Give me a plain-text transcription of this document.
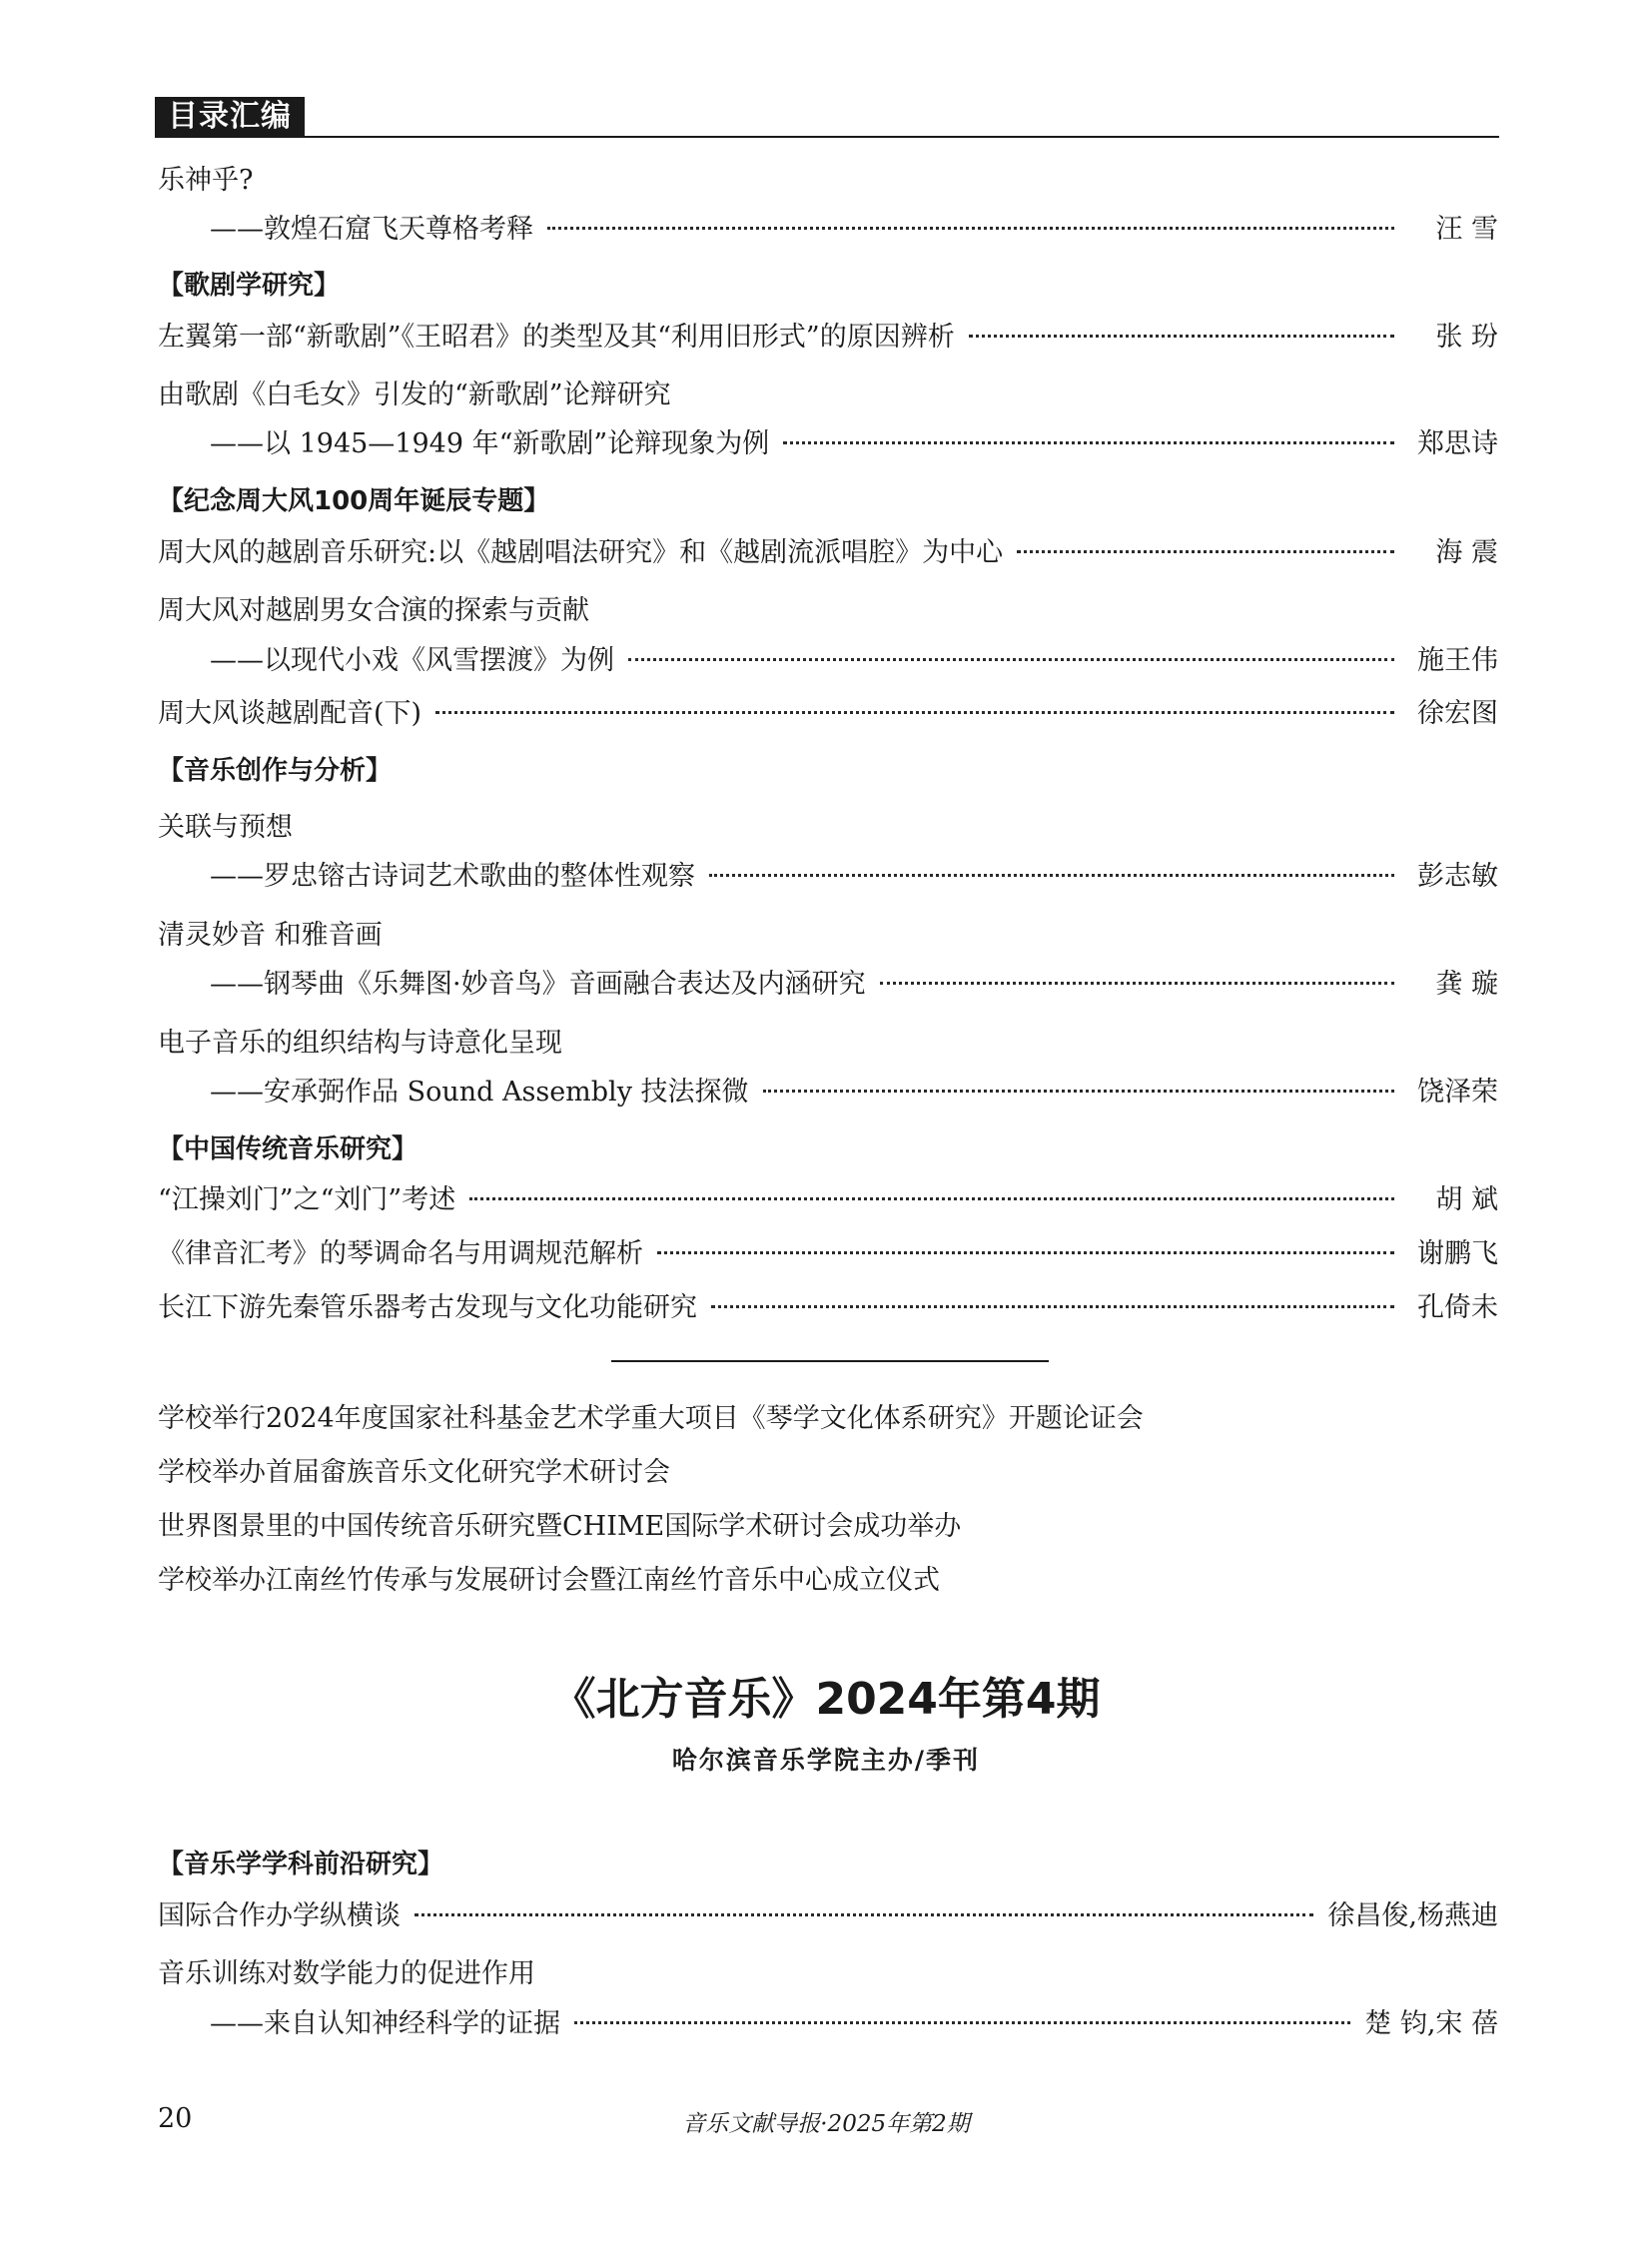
目录汇编
乐神乎?
——敦煌石窟飞天尊格考释	汪 雪
【歌剧学研究】
左翼第一部“新歌剧”《王昭君》的类型及其“利用旧形式”的原因辨析	张 玢
由歌剧《白毛女》引发的“新歌剧”论辩研究
——以 1945—1949 年“新歌剧”论辩现象为例	郑思诗
【纪念周大风100周年诞辰专题】
周大风的越剧音乐研究:以《越剧唱法研究》和《越剧流派唱腔》为中心	海 震
周大风对越剧男女合演的探索与贡献
——以现代小戏《风雪摆渡》为例	施王伟
周大风谈越剧配音(下)	徐宏图
【音乐创作与分析】
关联与预想
——罗忠镕古诗词艺术歌曲的整体性观察	彭志敏
清灵妙音 和雅音画
——钢琴曲《乐舞图·妙音鸟》音画融合表达及内涵研究	龚 璇
电子音乐的组织结构与诗意化呈现
——安承弼作品 Sound Assembly 技法探微	饶泽荣
【中国传统音乐研究】
“江操刘门”之“刘门”考述	胡 斌
《律音汇考》的琴调命名与用调规范解析	谢鹏飞
长江下游先秦管乐器考古发现与文化功能研究	孔倚未
学校举行2024年度国家社科基金艺术学重大项目《琴学文化体系研究》开题论证会
学校举办首届畲族音乐文化研究学术研讨会
世界图景里的中国传统音乐研究暨CHIME国际学术研讨会成功举办
学校举办江南丝竹传承与发展研讨会暨江南丝竹音乐中心成立仪式
《北方音乐》2024年第4期
哈尔滨音乐学院主办/季刊
【音乐学学科前沿研究】
国际合作办学纵横谈	徐昌俊,杨燕迪
音乐训练对数学能力的促进作用
——来自认知神经科学的证据	楚 钧,宋 蓓
20	音乐文献导报·2025年第2期
